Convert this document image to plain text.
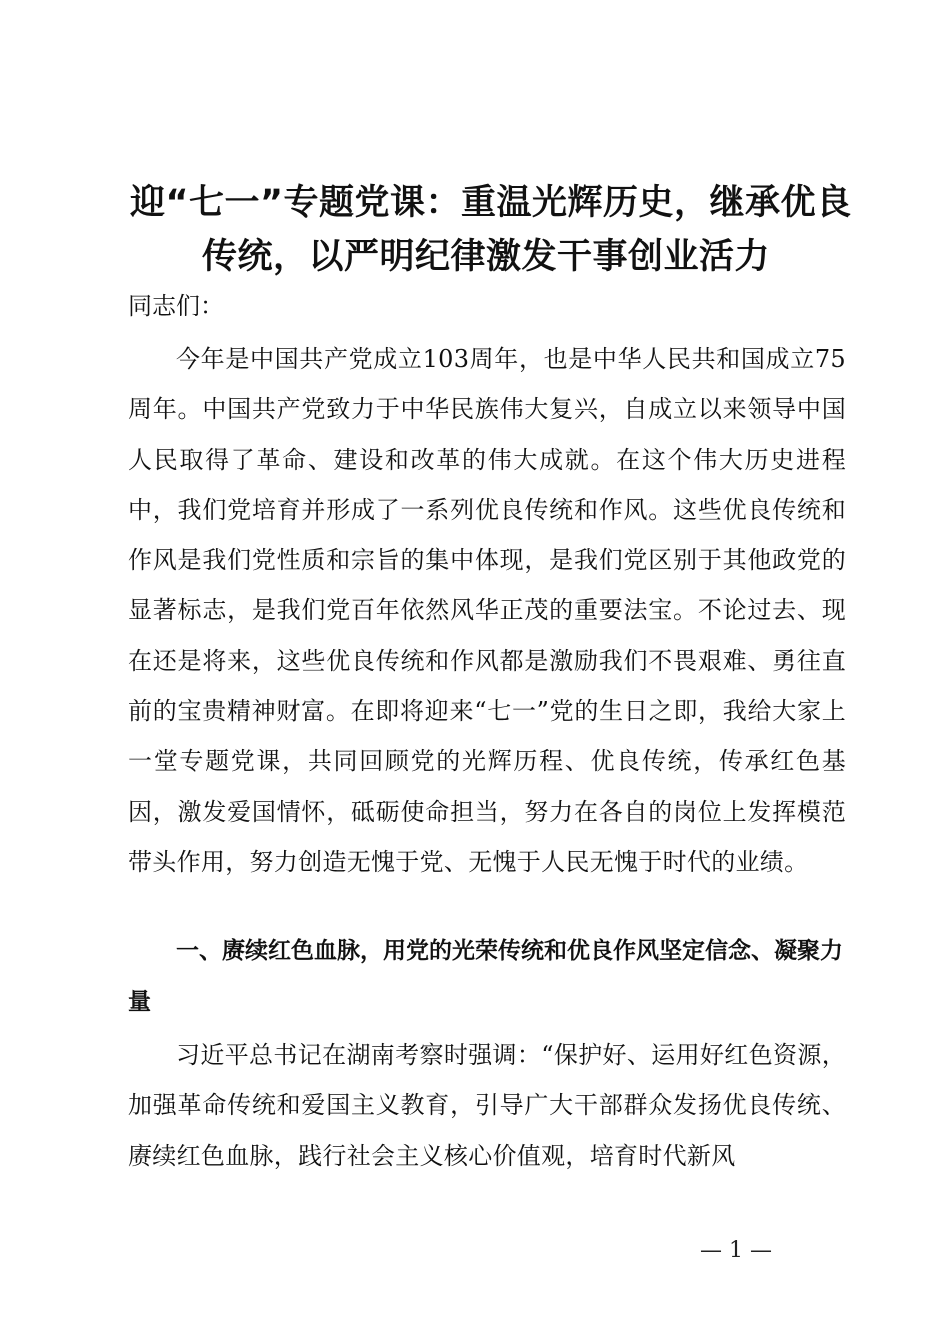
迎“七一”专题党课：重温光辉历史，继承优良
传统，以严明纪律激发干事创业活力

同志们：

今年是中国共产党成立103周年，也是中华人民共和国成立75周年。中国共产党致力于中华民族伟大复兴，自成立以来领导中国人民取得了革命、建设和改革的伟大成就。在这个伟大历史进程中，我们党培育并形成了一系列优良传统和作风。这些优良传统和作风是我们党性质和宗旨的集中体现，是我们党区别于其他政党的显著标志，是我们党百年依然风华正茂的重要法宝。不论过去、现在还是将来，这些优良传统和作风都是激励我们不畏艰难、勇往直前的宝贵精神财富。在即将迎来“七一”党的生日之即，我给大家上一堂专题党课，共同回顾党的光辉历程、优良传统，传承红色基因，激发爱国情怀，砥砺使命担当，努力在各自的岗位上发挥模范带头作用，努力创造无愧于党、无愧于人民无愧于时代的业绩。

一、赓续红色血脉，用党的光荣传统和优良作风坚定信念、凝聚力量

习近平总书记在湖南考察时强调：“保护好、运用好红色资源，加强革命传统和爱国主义教育，引导广大干部群众发扬优良传统、赓续红色血脉，践行社会主义核心价值观，培育时代新风

— 1 —
